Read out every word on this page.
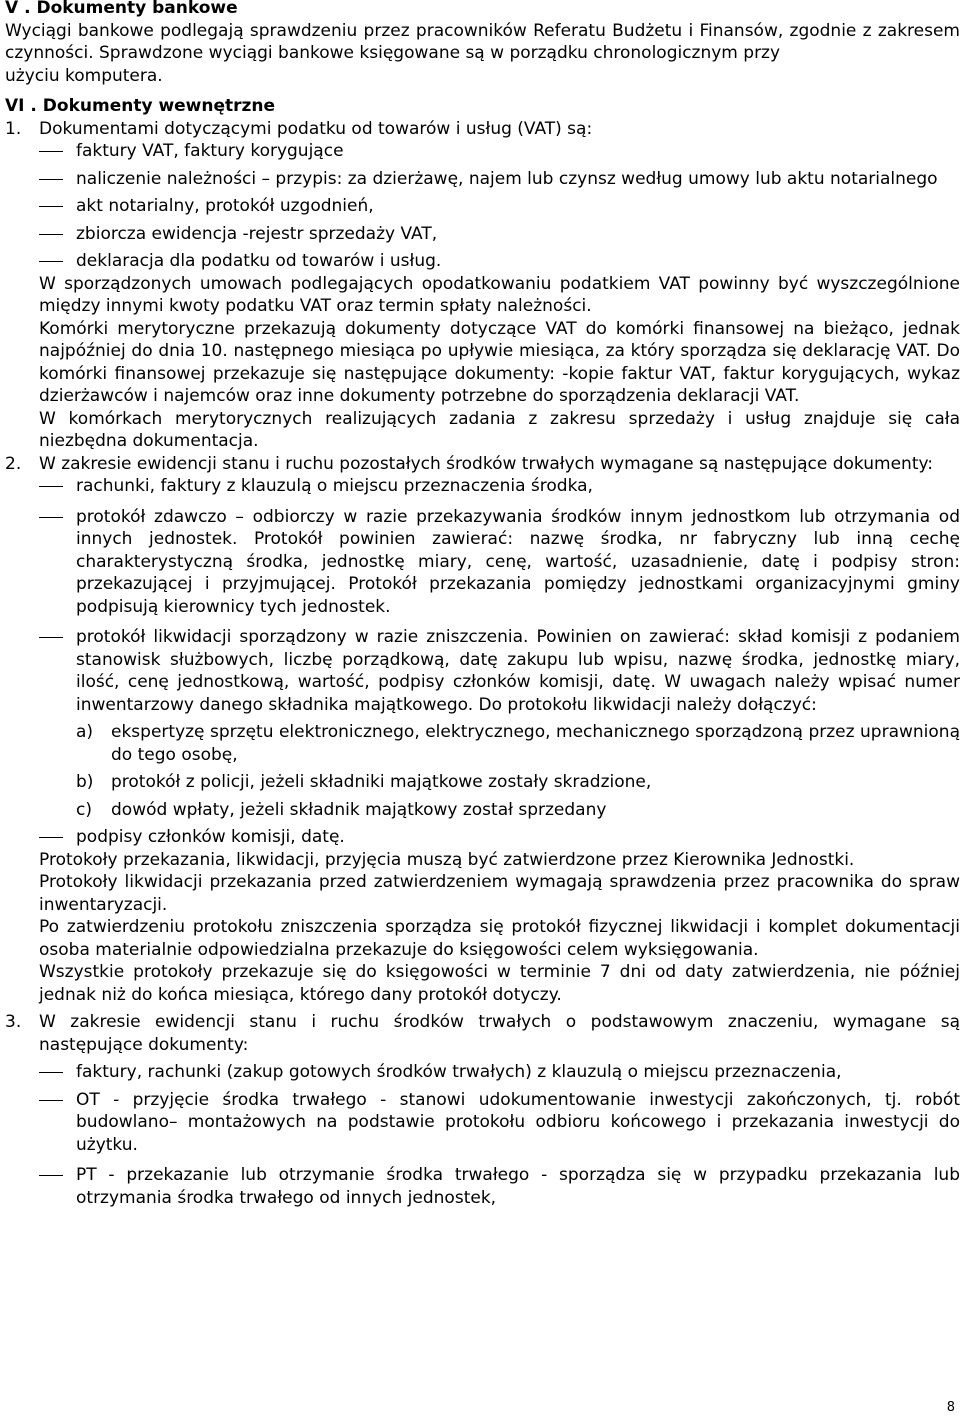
V . Dokumenty bankowe

Wyciągi bankowe podlegają sprawdzeniu przez pracowników Referatu Budżetu i Finansów, zgodnie z zakresem czynności. Sprawdzone wyciągi bankowe księgowane są w porządku chronologicznym przy

użyciu komputera.

VI . Dokumenty wewnętrzne

1. Dokumentami dotyczącymi podatku od towarów i usług (VAT) są:
faktury VAT, faktury korygujące
naliczenie należności – przypis: za dzierżawę, najem lub czynsz według umowy lub aktu notarialnego
akt notarialny, protokół uzgodnień,
zbiorcza ewidencja -rejestr sprzedaży VAT,
deklaracja dla podatku od towarów i usług.
W sporządzonych umowach podlegających opodatkowaniu podatkiem VAT powinny być wyszczególnione między innymi kwoty podatku VAT oraz termin spłaty należności.
Komórki merytoryczne przekazują dokumenty dotyczące VAT do komórki finansowej na bieżąco, jednak najpóźniej do dnia 10. następnego miesiąca po upływie miesiąca, za który sporządza się deklarację VAT. Do komórki finansowej przekazuje się następujące dokumenty: -kopie faktur VAT, faktur korygujących, wykaz dzierżawców i najemców oraz inne dokumenty potrzebne do sporządzenia deklaracji VAT.
W komórkach merytorycznych realizujących zadania z zakresu sprzedaży i usług znajduje się cała niezbędna dokumentacja.
2. W zakresie ewidencji stanu i ruchu pozostałych środków trwałych wymagane są następujące dokumenty:
rachunki, faktury z klauzulą o miejscu przeznaczenia środka,
protokół zdawczo – odbiorczy w razie przekazywania środków innym jednostkom lub otrzymania od innych jednostek. Protokół powinien zawierać: nazwę środka, nr fabryczny lub inną cechę charakterystyczną środka, jednostkę miary, cenę, wartość, uzasadnienie, datę i podpisy stron: przekazującej i przyjmującej. Protokół przekazania pomiędzy jednostkami organizacyjnymi gminy podpisują kierownicy tych jednostek.
protokół likwidacji sporządzony w razie zniszczenia. Powinien on zawierać: skład komisji z podaniem stanowisk służbowych, liczbę porządkową, datę zakupu lub wpisu, nazwę środka, jednostkę miary, ilość, cenę jednostkową, wartość, podpisy członków komisji, datę. W uwagach należy wpisać numer inwentarzowy danego składnika majątkowego. Do protokołu likwidacji należy dołączyć:
a) ekspertyzę sprzętu elektronicznego, elektrycznego, mechanicznego sporządzoną przez uprawnioną do tego osobę,
b) protokół z policji, jeżeli składniki majątkowe zostały skradzione,
c) dowód wpłaty, jeżeli składnik majątkowy został sprzedany
podpisy członków komisji, datę.
Protokoły przekazania, likwidacji, przyjęcia muszą być zatwierdzone przez Kierownika Jednostki.
Protokoły likwidacji przekazania przed zatwierdzeniem wymagają sprawdzenia przez pracownika do spraw inwentaryzacji.
Po zatwierdzeniu protokołu zniszczenia sporządza się protokół fizycznej likwidacji i komplet dokumentacji osoba materialnie odpowiedzialna przekazuje do księgowości celem wyksięgowania.
Wszystkie protokoły przekazuje się do księgowości w terminie 7 dni od daty zatwierdzenia, nie później jednak niż do końca miesiąca, którego dany protokół dotyczy.
3. W zakresie ewidencji stanu i ruchu środków trwałych o podstawowym znaczeniu, wymagane są następujące dokumenty:
faktury, rachunki (zakup gotowych środków trwałych) z klauzulą o miejscu przeznaczenia,
OT - przyjęcie środka trwałego - stanowi udokumentowanie inwestycji zakończonych, tj. robót budowlano– montażowych na podstawie protokołu odbioru końcowego i przekazania inwestycji do użytku.
PT - przekazanie lub otrzymanie środka trwałego - sporządza się w przypadku przekazania lub otrzymania środka trwałego od innych jednostek,
8
